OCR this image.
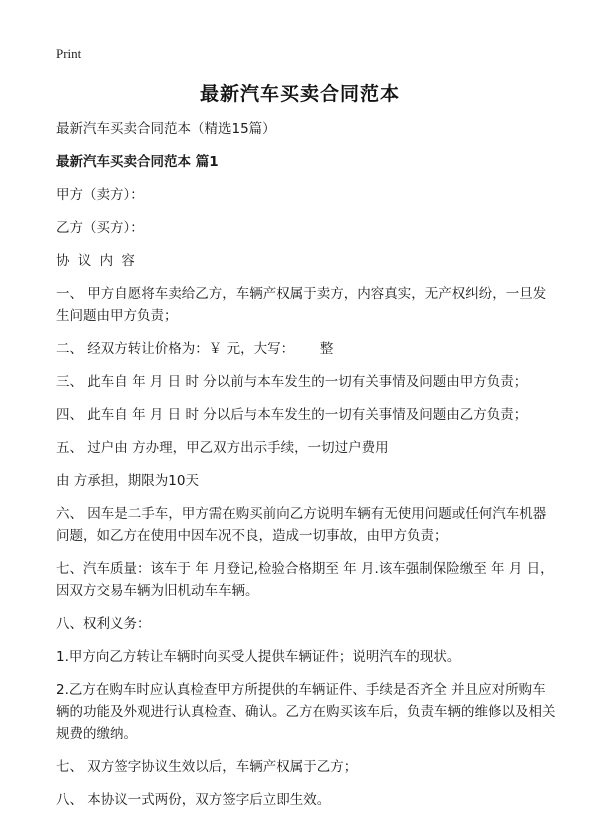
Print
最新汽车买卖合同范本

最新汽车买卖合同范本（精选15篇）

最新汽车买卖合同范本 篇1

甲方（卖方）：

乙方（买方）：

协 议 内 容

一、 甲方自愿将车卖给乙方，车辆产权属于卖方，内容真实，无产权纠纷，一旦发生问题由甲方负责；

二、 经双方转让价格为：￥ 元，大写：      整

三、 此车自 年 月 日 时 分以前与本车发生的一切有关事情及问题由甲方负责；

四、 此车自 年 月 日 时 分以后与本车发生的一切有关事情及问题由乙方负责；

五、 过户由 方办理，甲乙双方出示手续，一切过户费用

由 方承担，期限为10天

六、 因车是二手车，甲方需在购买前向乙方说明车辆有无使用问题或任何汽车机器问题，如乙方在使用中因车况不良，造成一切事故，由甲方负责；

七、汽车质量：该车于 年 月登记,检验合格期至 年 月.该车强制保险缴至 年 月 日，因双方交易车辆为旧机动车车辆。

八、权利义务：

1.甲方向乙方转让车辆时向买受人提供车辆证件；说明汽车的现状。

2.乙方在购车时应认真检查甲方所提供的车辆证件、手续是否齐全 并且应对所购车辆的功能及外观进行认真检查、确认。乙方在购买该车后，负责车辆的维修以及相关规费的缴纳。

七、 双方签字协议生效以后，车辆产权属于乙方；

八、 本协议一式两份，双方签字后立即生效。
